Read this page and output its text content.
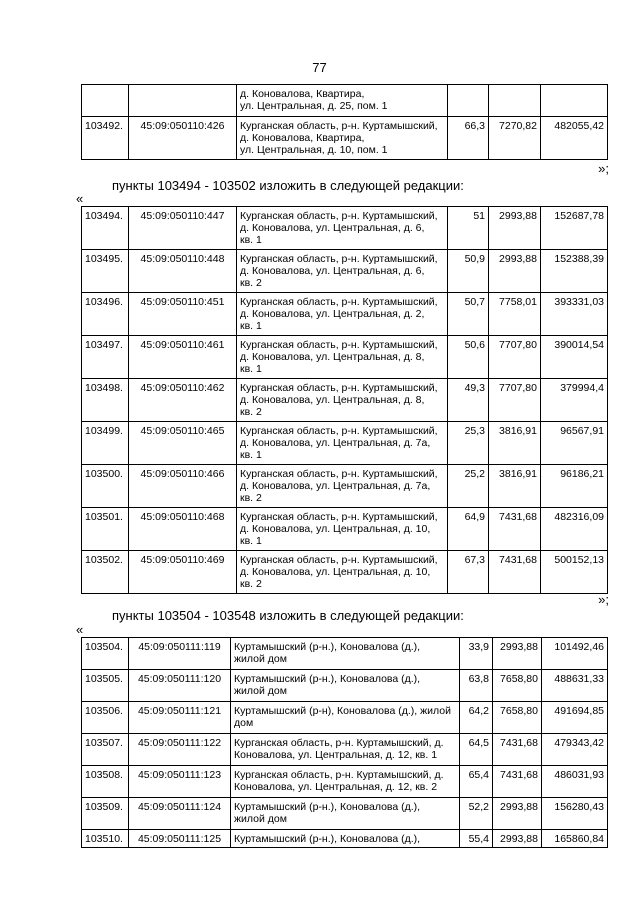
77
		д. Коновалова, Квартира,
ул. Центральная, д. 25, пом. 1			
103492.	45:09:050110:426	Курганская область, р-н. Куртамышский,
д. Коновалова, Квартира,
ул. Центральная, д. 10, пом. 1	66,3	7270,82	482055,42
»;
пункты 103494 - 103502 изложить в следующей редакции:
«
103494.	45:09:050110:447	Курганская область, р-н. Куртамышский,
д. Коновалова, ул. Центральная, д. 6,
кв. 1	51	2993,88	152687,78
103495.	45:09:050110:448	Курганская область, р-н. Куртамышский,
д. Коновалова, ул. Центральная, д. 6,
кв. 2	50,9	2993,88	152388,39
103496.	45:09:050110:451	Курганская область, р-н. Куртамышский,
д. Коновалова, ул. Центральная, д. 2,
кв. 1	50,7	7758,01	393331,03
103497.	45:09:050110:461	Курганская область, р-н. Куртамышский,
д. Коновалова, ул. Центральная, д. 8,
кв. 1	50,6	7707,80	390014,54
103498.	45:09:050110:462	Курганская область, р-н. Куртамышский,
д. Коновалова, ул. Центральная, д. 8,
кв. 2	49,3	7707,80	379994,4
103499.	45:09:050110:465	Курганская область, р-н. Куртамышский,
д. Коновалова, ул. Центральная, д. 7а,
кв. 1	25,3	3816,91	96567,91
103500.	45:09:050110:466	Курганская область, р-н. Куртамышский,
д. Коновалова, ул. Центральная, д. 7а,
кв. 2	25,2	3816,91	96186,21
103501.	45:09:050110:468	Курганская область, р-н. Куртамышский,
д. Коновалова, ул. Центральная, д. 10,
кв. 1	64,9	7431,68	482316,09
103502.	45:09:050110:469	Курганская область, р-н. Куртамышский,
д. Коновалова, ул. Центральная, д. 10,
кв. 2	67,3	7431,68	500152,13
»;
пункты 103504 - 103548 изложить в следующей редакции:
«
103504.	45:09:050111:119	Куртамышский (р-н.), Коновалова (д.),
жилой дом	33,9	2993,88	101492,46
103505.	45:09:050111:120	Куртамышский (р-н.), Коновалова (д.),
жилой дом	63,8	7658,80	488631,33
103506.	45:09:050111:121	Куртамышский (р-н), Коновалова (д.), жилой
дом	64,2	7658,80	491694,85
103507.	45:09:050111:122	Курганская область, р-н. Куртамышский, д.
Коновалова, ул. Центральная, д. 12, кв. 1	64,5	7431,68	479343,42
103508.	45:09:050111:123	Курганская область, р-н. Куртамышский, д.
Коновалова, ул. Центральная, д. 12, кв. 2	65,4	7431,68	486031,93
103509.	45:09:050111:124	Куртамышский (р-н.), Коновалова (д.),
жилой дом	52,2	2993,88	156280,43
103510.	45:09:050111:125	Куртамышский (р-н.), Коновалова (д.),	55,4	2993,88	165860,84
